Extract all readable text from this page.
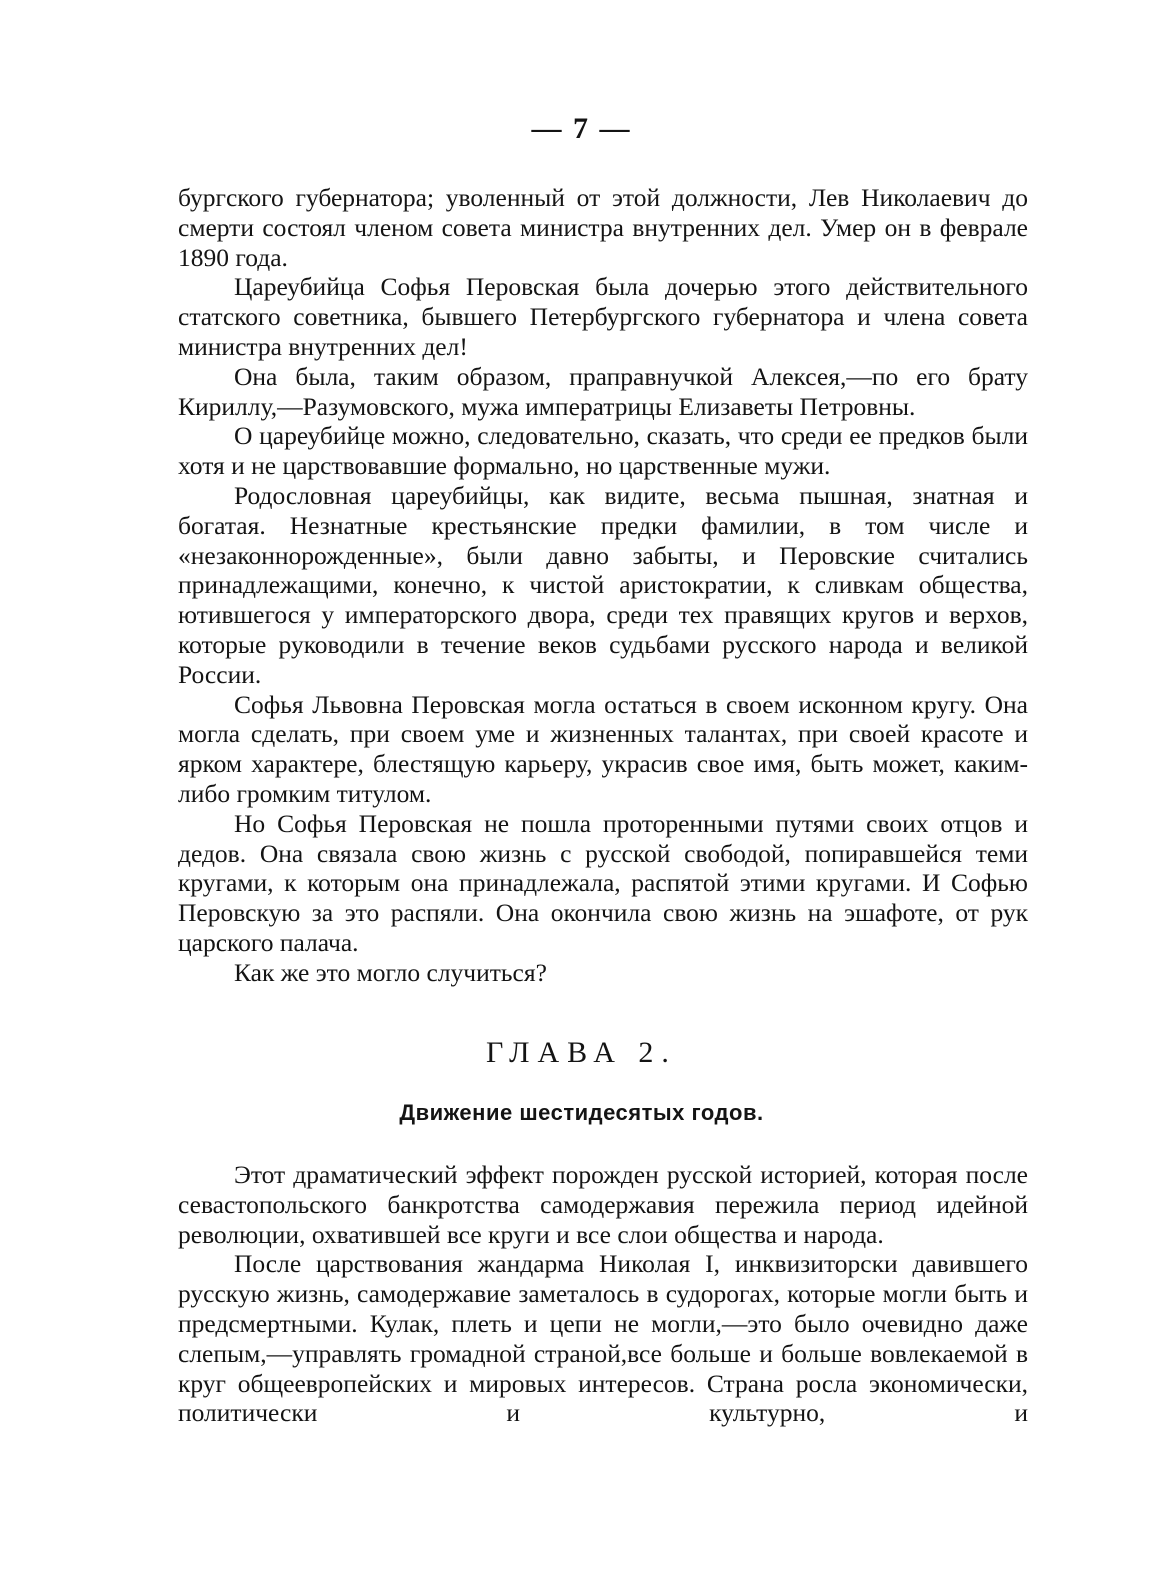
— 7 —

бургского губернатора; уволенный от этой должности, Лев Николаевич до смерти состоял членом совета министра внутренних дел. Умер он в феврале 1890 года.

Цареубийца Софья Перовская была дочерью этого действительного статского советника, бывшего Петербургского губернатора и члена совета министра внутренних дел!

Она была, таким образом, праправнучкой Алексея,—по его брату Кириллу,—Разумовского, мужа императрицы Елизаветы Петровны.

О цареубийце можно, следовательно, сказать, что среди ее предков были хотя и не царствовавшие формально, но царственные мужи.

Родословная цареубийцы, как видите, весьма пышная, знатная и богатая. Незнатные крестьянские предки фамилии, в том числе и «незаконнорожденные», были давно забыты, и Перовские считались принадлежащими, конечно, к чистой аристократии, к сливкам общества, ютившегося у императорского двора, среди тех правящих кругов и верхов, которые руководили в течение веков судьбами русского народа и великой России.

Софья Львовна Перовская могла остаться в своем исконном кругу. Она могла сделать, при своем уме и жизненных талантах, при своей красоте и ярком характере, блестящую карьеру, украсив свое имя, быть может, каким-либо громким титулом.

Но Софья Перовская не пошла проторенными путями своих отцов и дедов. Она связала свою жизнь с русской свободой, попиравшейся теми кругами, к которым она принадлежала, распятой этими кругами. И Софью Перовскую за это распяли. Она окончила свою жизнь на эшафоте, от рук царского палача.

Как же это могло случиться?

ГЛАВА 2.
Движение шестидесятых годов.

Этот драматический эффект порожден русской историей, которая после севастопольского банкротства самодержавия пережила период идейной революции, охватившей все круги и все слои общества и народа.

После царствования жандарма Николая I, инквизиторски давившего русскую жизнь, самодержавие заметалось в судорогах, которые могли быть и предсмертными. Кулак, плеть и цепи не могли,—это было очевидно даже слепым,—управлять громадной страной,все больше и больше вовлекаемой в круг общеевропейских и мировых интересов. Страна росла экономически, политически и культурно, и
